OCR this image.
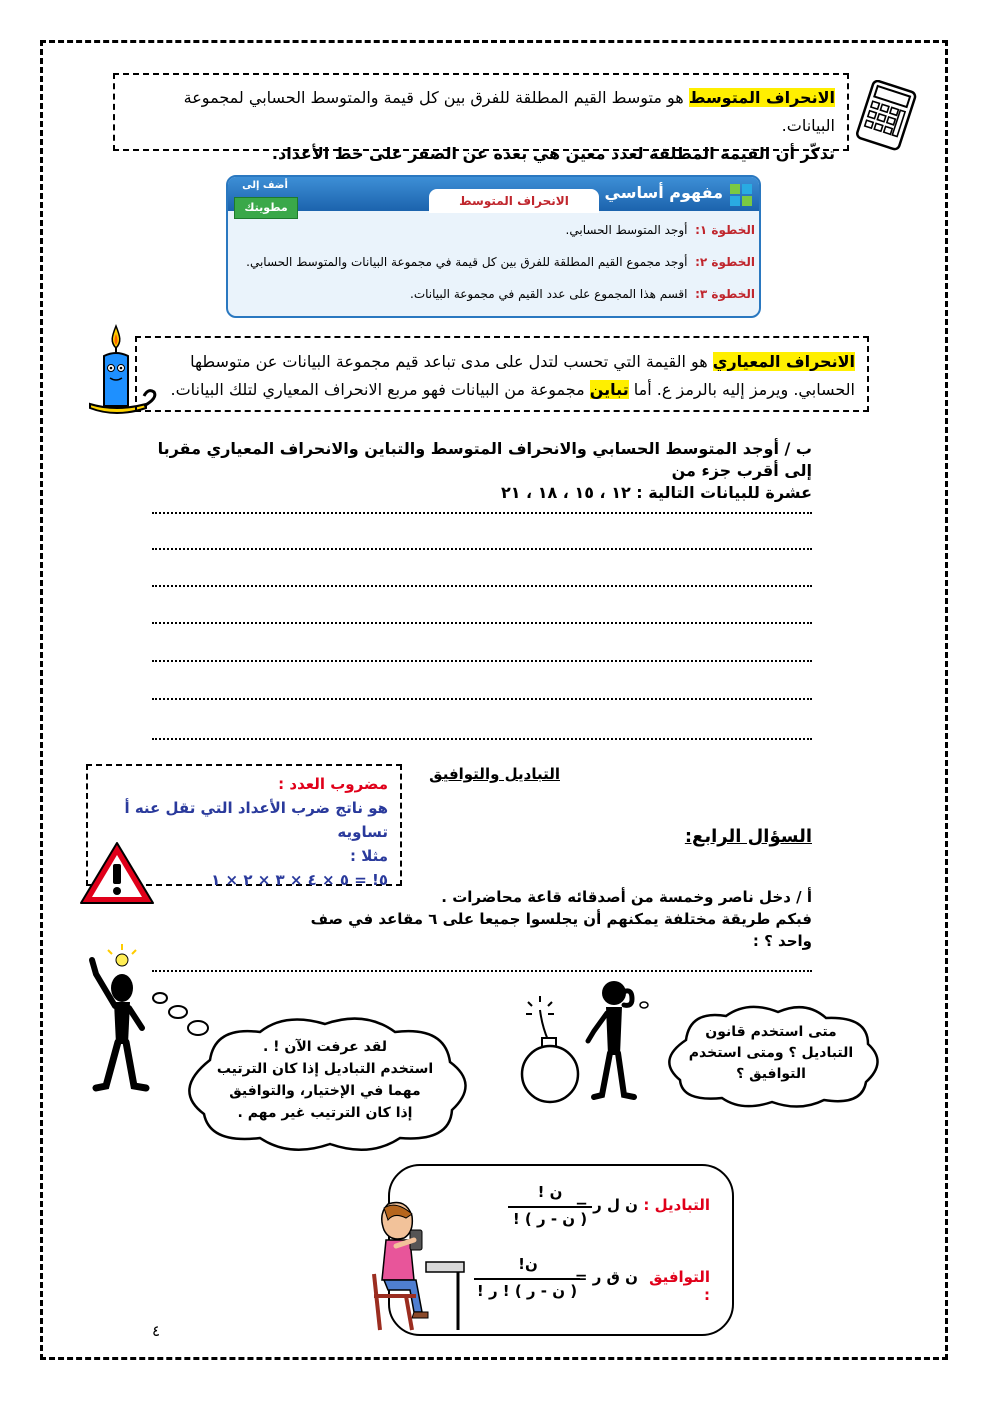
الانحراف المتوسط هو متوسط القيم المطلقة للفرق بين كل قيمة والمتوسط الحسابي لمجموعة البيانات.
تذكّر أن القيمة المطلقة لعدد معين هي بعده عن الصفر على خط الأعداد.
أضف إلى
مطويتك
مفهوم أساسي
الانحراف المتوسط
الخطوة ١:  أوجد المتوسط الحسابي.
الخطوة ٢:  أوجد مجموع القيم المطلقة للفرق بين كل قيمة في مجموعة البيانات والمتوسط الحسابي.
الخطوة ٣:  اقسم هذا المجموع على عدد القيم في مجموعة البيانات.
الانحراف المعياري هو القيمة التي تحسب لتدل على مدى تباعد قيم مجموعة البيانات عن متوسطها
الحسابي. ويرمز إليه بالرمز ع. أما تباين مجموعة من البيانات فهو مربع الانحراف المعياري لتلك البيانات.
ب / أوجد المتوسط الحسابي والانحراف المتوسط والتباين والانحراف المعياري مقربا إلى أقرب جزء من
عشرة للبيانات التالية : ١٢ ، ١٥ ، ١٨ ، ٢١
التباديل والتوافيق
مضروب العدد :
هو ناتج ضرب الأعداد التي تقل عنه أ تساويه
مثلا :
٥! = ٥ × ٤ × ٣ × ٢ × ١
السؤال الرابع:
أ / دخل ناصر وخمسة من أصدقائه قاعة محاضرات .
فبكم طريقة مختلفة يمكنهم أن يجلسوا جميعا على ٦ مقاعد في صف واحد ؟ :
لقد عرفت الآن ! .
استخدم التباديل إذا كان الترتيب
مهما في الإختيار، والتوافيق
إذا كان الترتيب غير مهم .
متى استخدم قانون
التباديل ؟ ومتى استخدم
التوافيق ؟
التباديل :
ن ل ر =
ن !
( ن - ر ) !
التوافيق :
ن ق ر =
ن!
( ن - ر ) ! ر !
٤
